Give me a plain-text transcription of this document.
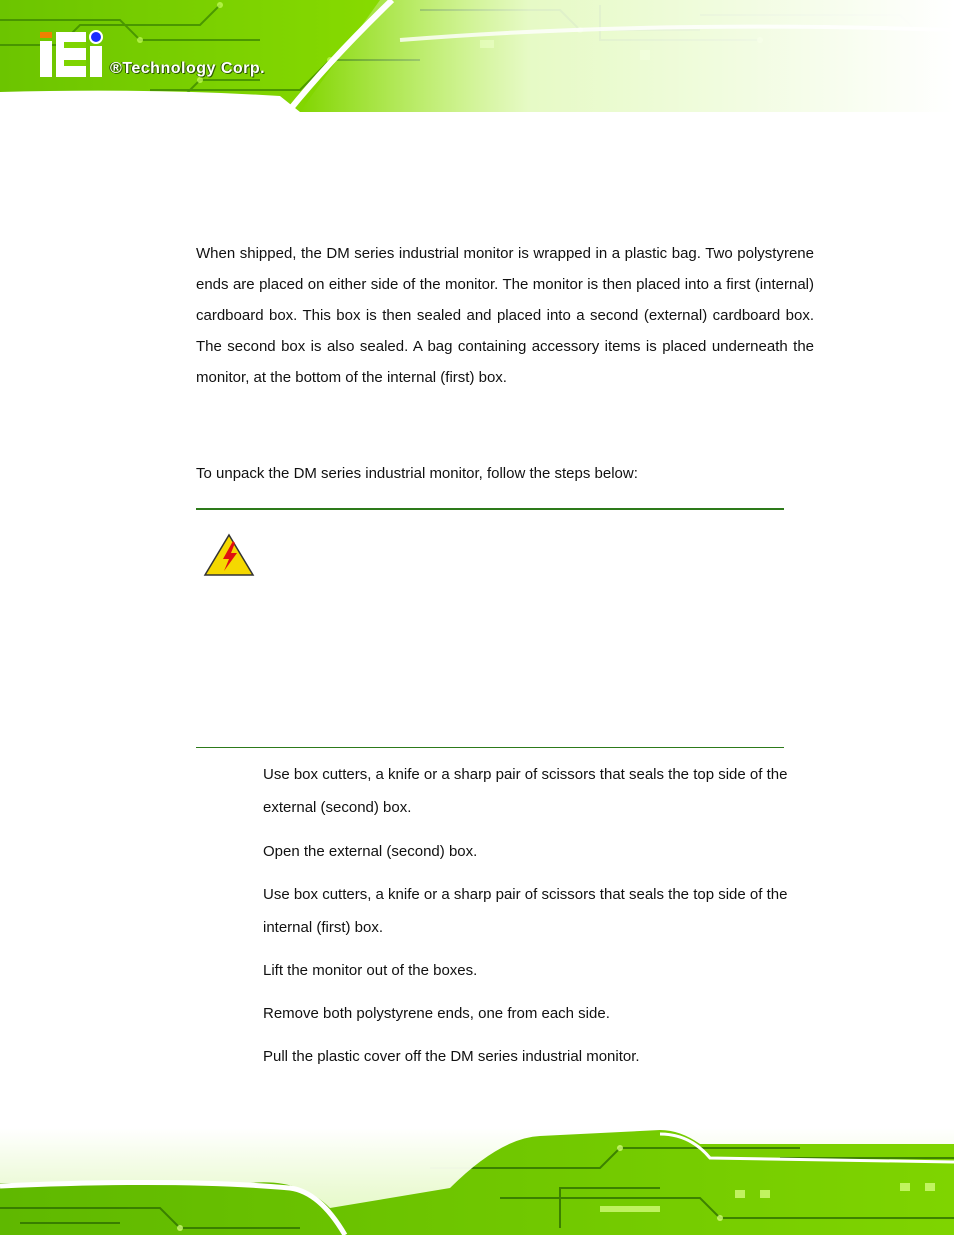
®Technology Corp.

When shipped, the DM series industrial monitor is wrapped in a plastic bag. Two polystyrene ends are placed on either side of the monitor. The monitor is then placed into a first (internal) cardboard box. This box is then sealed and placed into a second (external) cardboard box. The second box is also sealed. A bag containing accessory items is placed underneath the monitor, at the bottom of the internal (first) box.

To unpack the DM series industrial monitor, follow the steps below:

Use box cutters, a knife or a sharp pair of scissors that seals the top side of the external (second) box.

Open the external (second) box.

Use box cutters, a knife or a sharp pair of scissors that seals the top side of the internal (first) box.

Lift the monitor out of the boxes.

Remove both polystyrene ends, one from each side.

Pull the plastic cover off the DM series industrial monitor.
